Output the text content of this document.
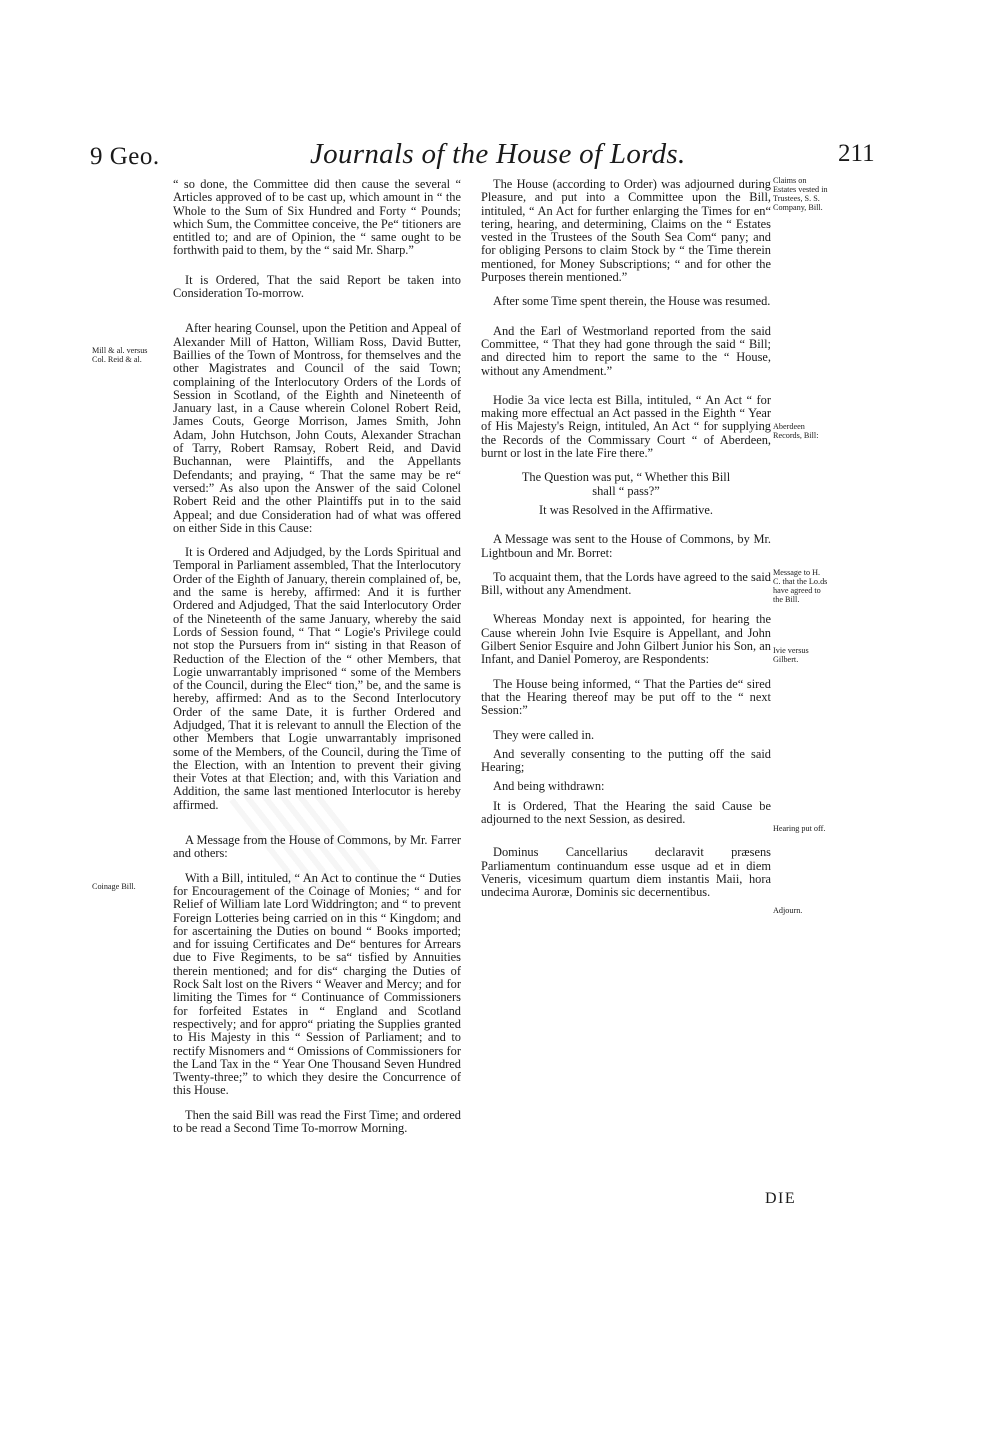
9 Geo.	Journals of the House of Lords.	211
Mill & al. versus Col. Reid & al.
Coinage Bill.
Claims on Estates vested in Trustees, S. S. Company, Bill.
Aberdeen Records, Bill:
Message to H. C. that the Lo.ds have agreed to the Bill.
Ivie versus Gilbert.
Hearing put off.
Adjourn.

“ so done, the Committee did then cause the several “ Articles approved of to be cast up, which amount in “ the Whole to the Sum of Six Hundred and Forty “ Pounds; which Sum, the Committee conceive, the Pe“ titioners are entitled to; and are of Opinion, the “ same ought to be forthwith paid to them, by the “ said Mr. Sharp.”

It is Ordered, That the said Report be taken into Consideration To-morrow.

After hearing Counsel, upon the Petition and Appeal of Alexander Mill of Hatton, William Ross, David Butter, Baillies of the Town of Montross, for themselves and the other Magistrates and Council of the said Town; complaining of the Interlocutory Orders of the Lords of Session in Scotland, of the Eighth and Nineteenth of January last, in a Cause wherein Colonel Robert Reid, James Couts, George Morrison, James Smith, John Adam, John Hutchson, John Couts, Alexander Strachan of Tarry, Robert Ramsay, Robert Reid, and David Buchannan, were Plaintiffs, and the Appellants Defendants; and praying, “ That the same may be re“ versed:” As also upon the Answer of the said Colonel Robert Reid and the other Plaintiffs put in to the said Appeal; and due Consideration had of what was offered on either Side in this Cause:

It is Ordered and Adjudged, by the Lords Spiritual and Temporal in Parliament assembled, That the Interlocutory Order of the Eighth of January, therein complained of, be, and the same is hereby, affirmed: And it is further Ordered and Adjudged, That the said Interlocutory Order of the Nineteenth of the same January, whereby the said Lords of Session found, “ That “ Logie's Privilege could not stop the Pursuers from in“ sisting in that Reason of Reduction of the Election of the “ other Members, that Logie unwarrantably imprisoned “ some of the Members of the Council, during the Elec“ tion,” be, and the same is hereby, affirmed: And as to the Second Interlocutory Order of the same Date, it is further Ordered and Adjudged, That it is relevant to annull the Election of the other Members that Logie unwarrantably imprisoned some of the Members, of the Council, during the Time of the Election, with an Intention to prevent their giving their Votes at that Election; and, with this Variation and Addition, the same last mentioned Interlocutor is hereby affirmed.

A Message from the House of Commons, by Mr. Farrer and others:

With a Bill, intituled, “ An Act to continue the “ Duties for Encouragement of the Coinage of Monies; “ and for Relief of William late Lord Widdrington; and “ to prevent Foreign Lotteries being carried on in this “ Kingdom; and for ascertaining the Duties on bound “ Books imported; and for issuing Certificates and De“ bentures for Arrears due to Five Regiments, to be sa“ tisfied by Annuities therein mentioned; and for dis“ charging the Duties of Rock Salt lost on the Rivers “ Weaver and Mercy; and for limiting the Times for “ Continuance of Commissioners for forfeited Estates in “ England and Scotland respectively; and for appro“ priating the Supplies granted to His Majesty in this “ Session of Parliament; and to rectify Misnomers and “ Omissions of Commissioners for the Land Tax in the “ Year One Thousand Seven Hundred Twenty-three;” to which they desire the Concurrence of this House.

Then the said Bill was read the First Time; and ordered to be read a Second Time To-morrow Morning.

The House (according to Order) was adjourned during Pleasure, and put into a Committee upon the Bill, intituled, “ An Act for further enlarging the Times for en“ tering, hearing, and determining, Claims on the “ Estates vested in the Trustees of the South Sea Com“ pany; and for obliging Persons to claim Stock by “ the Time therein mentioned, for Money Subscriptions; “ and for other the Purposes therein mentioned.”

After some Time spent therein, the House was resumed.

And the Earl of Westmorland reported from the said Committee, “ That they had gone through the said “ Bill; and directed him to report the same to the “ House, without any Amendment.”

Hodie 3a vice lecta est Billa, intituled, “ An Act “ for making more effectual an Act passed in the Eighth “ Year of His Majesty's Reign, intituled, An Act “ for supplying the Records of the Commissary Court “ of Aberdeen, burnt or lost in the late Fire there.”

The Question was put, “ Whether this Bill shall “ pass?”

It was Resolved in the Affirmative.

A Message was sent to the House of Commons, by Mr. Lightboun and Mr. Borret:

To acquaint them, that the Lords have agreed to the said Bill, without any Amendment.

Whereas Monday next is appointed, for hearing the Cause wherein John Ivie Esquire is Appellant, and John Gilbert Senior Esquire and John Gilbert Junior his Son, an Infant, and Daniel Pomeroy, are Respondents:

The House being informed, “ That the Parties de“ sired that the Hearing thereof may be put off to the “ next Session:”

They were called in.

And severally consenting to the putting off the said Hearing;

And being withdrawn:

It is Ordered, That the Hearing the said Cause be adjourned to the next Session, as desired.

Dominus Cancellarius declaravit præsens Parliamentum continuandum esse usque ad et in diem Veneris, vicesimum quartum diem instantis Maii, hora undecima Auroræ, Dominis sic decernentibus.

DIE
